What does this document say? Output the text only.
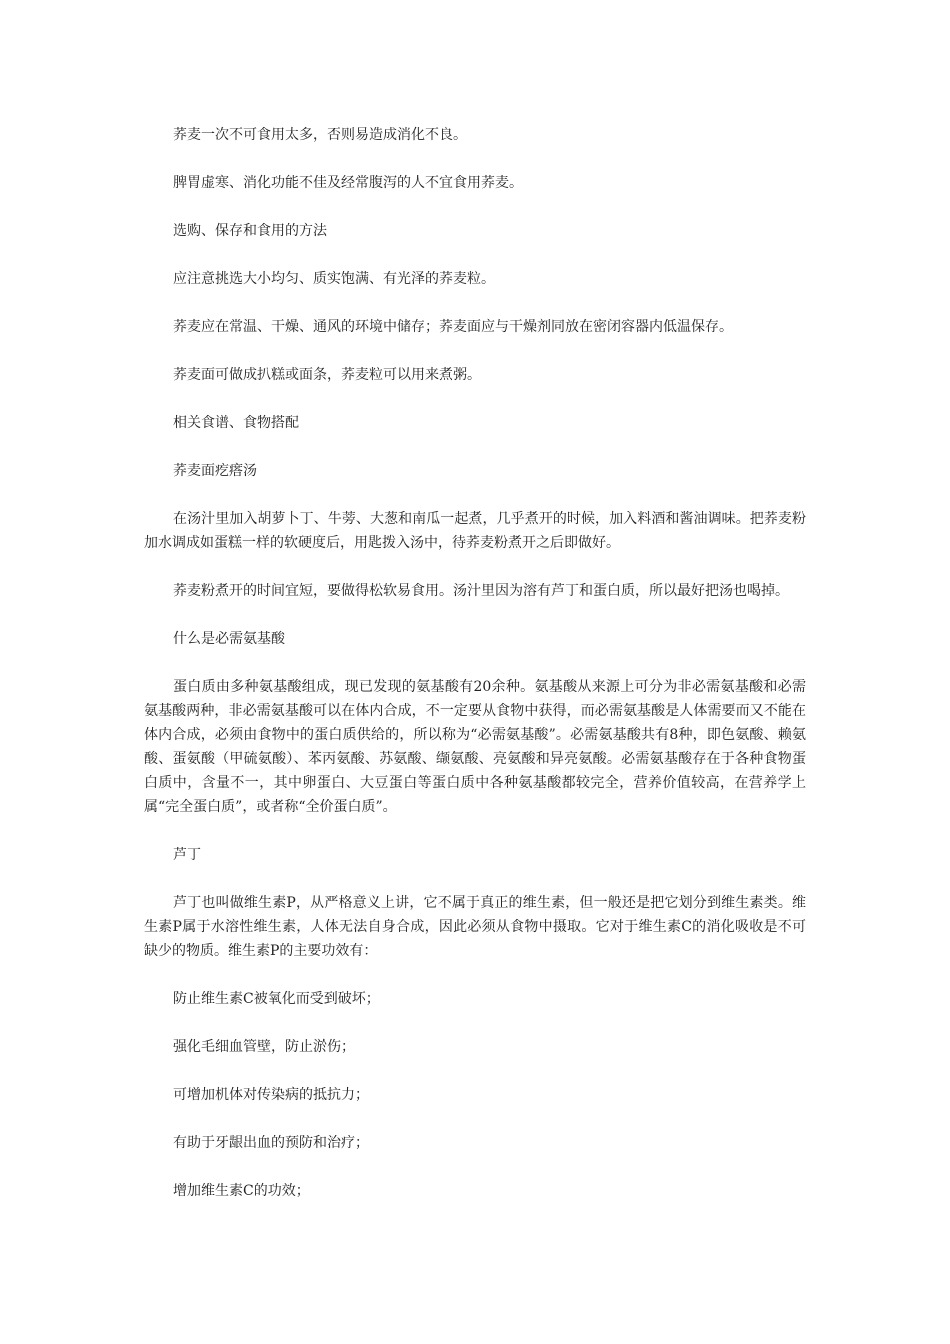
荞麦一次不可食用太多，否则易造成消化不良。

脾胃虚寒、消化功能不佳及经常腹泻的人不宜食用荞麦。

选购、保存和食用的方法

应注意挑选大小均匀、质实饱满、有光泽的荞麦粒。

荞麦应在常温、干燥、通风的环境中储存；荞麦面应与干燥剂同放在密闭容器内低温保存。

荞麦面可做成扒糕或面条，荞麦粒可以用来煮粥。

相关食谱、食物搭配

荞麦面疙瘩汤

在汤汁里加入胡萝卜丁、牛蒡、大葱和南瓜一起煮，几乎煮开的时候，加入料酒和酱油调味。把荞麦粉加水调成如蛋糕一样的软硬度后，用匙拨入汤中，待荞麦粉煮开之后即做好。

荞麦粉煮开的时间宜短，要做得松软易食用。汤汁里因为溶有芦丁和蛋白质，所以最好把汤也喝掉。

什么是必需氨基酸

蛋白质由多种氨基酸组成，现已发现的氨基酸有20余种。氨基酸从来源上可分为非必需氨基酸和必需氨基酸两种，非必需氨基酸可以在体内合成，不一定要从食物中获得，而必需氨基酸是人体需要而又不能在体内合成，必须由食物中的蛋白质供给的，所以称为“必需氨基酸”。必需氨基酸共有8种，即色氨酸、赖氨酸、蛋氨酸（甲硫氨酸）、苯丙氨酸、苏氨酸、缬氨酸、亮氨酸和异亮氨酸。必需氨基酸存在于各种食物蛋白质中，含量不一，其中卵蛋白、大豆蛋白等蛋白质中各种氨基酸都较完全，营养价值较高，在营养学上属“完全蛋白质”，或者称“全价蛋白质”。

芦丁

芦丁也叫做维生素P，从严格意义上讲，它不属于真正的维生素，但一般还是把它划分到维生素类。维生素P属于水溶性维生素，人体无法自身合成，因此必须从食物中摄取。它对于维生素C的消化吸收是不可缺少的物质。维生素P的主要功效有：

防止维生素C被氧化而受到破坏；

强化毛细血管壁，防止淤伤；

可增加机体对传染病的抵抗力；

有助于牙龈出血的预防和治疗；

增加维生素C的功效；
